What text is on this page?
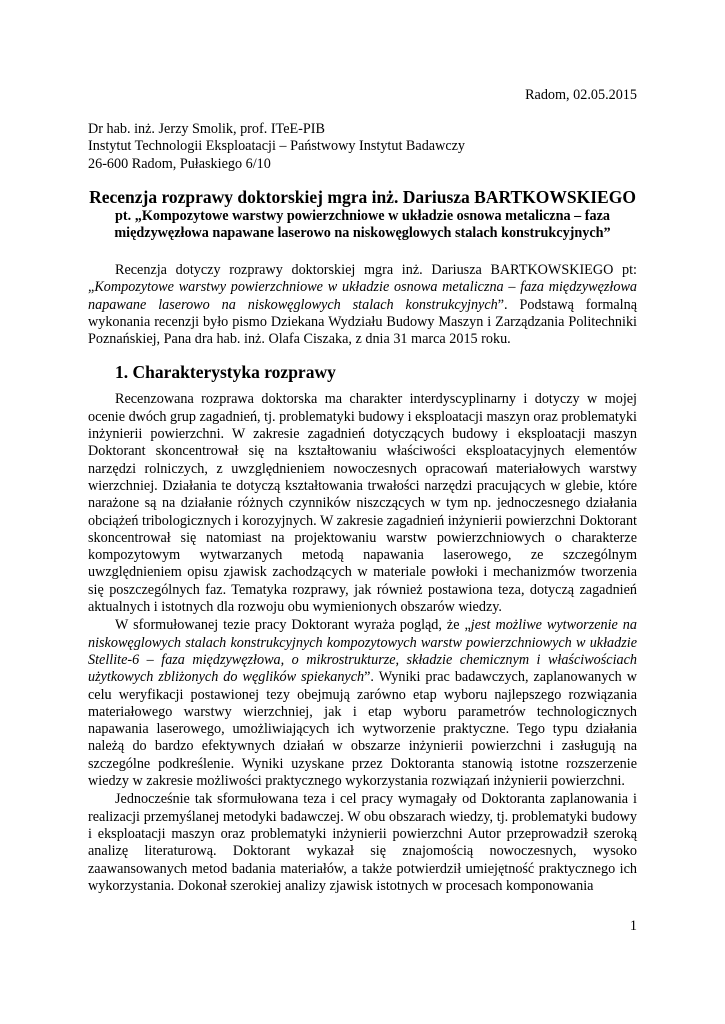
Radom, 02.05.2015
Dr hab. inż. Jerzy Smolik, prof. ITeE-PIB
Instytut Technologii Eksploatacji – Państwowy Instytut Badawczy
26-600 Radom, Pułaskiego 6/10
Recenzja rozprawy doktorskiej mgra inż. Dariusza BARTKOWSKIEGO
pt. „Kompozytowe warstwy powierzchniowe w układzie osnowa metaliczna – faza międzywęzłowa napawane laserowo na niskowęglowych stalach konstrukcyjnych”

Recenzja dotyczy rozprawy doktorskiej mgra inż. Dariusza BARTKOWSKIEGO pt: „Kompozytowe warstwy powierzchniowe w układzie osnowa metaliczna – faza międzywęzłowa napawane laserowo na niskowęglowych stalach konstrukcyjnych”. Podstawą formalną wykonania recenzji było pismo Dziekana Wydziału Budowy Maszyn i Zarządzania Politechniki Poznańskiej, Pana dra hab. inż. Olafa Ciszaka, z dnia 31 marca 2015 roku.

1. Charakterystyka rozprawy

Recenzowana rozprawa doktorska ma charakter interdyscyplinarny i dotyczy w mojej ocenie dwóch grup zagadnień, tj. problematyki budowy i eksploatacji maszyn oraz problematyki inżynierii powierzchni. W zakresie zagadnień dotyczących budowy i eksploatacji maszyn Doktorant skoncentrował się na kształtowaniu właściwości eksploatacyjnych elementów narzędzi rolniczych, z uwzględnieniem nowoczesnych opracowań materiałowych warstwy wierzchniej. Działania te dotyczą kształtowania trwałości narzędzi pracujących w glebie, które narażone są na działanie różnych czynników niszczących w tym np. jednoczesnego działania obciążeń tribologicznych i korozyjnych. W zakresie zagadnień inżynierii powierzchni Doktorant skoncentrował się natomiast na projektowaniu warstw powierzchniowych o charakterze kompozytowym wytwarzanych metodą napawania laserowego, ze szczególnym uwzględnieniem opisu zjawisk zachodzących w materiale powłoki i mechanizmów tworzenia się poszczególnych faz. Tematyka rozprawy, jak również postawiona teza, dotyczą zagadnień aktualnych i istotnych dla rozwoju obu wymienionych obszarów wiedzy.

W sformułowanej tezie pracy Doktorant wyraża pogląd, że „jest możliwe wytworzenie na niskowęglowych stalach konstrukcyjnych kompozytowych warstw powierzchniowych w układzie Stellite-6 – faza międzywęzłowa, o mikrostrukturze, składzie chemicznym i właściwościach użytkowych zbliżonych do węglików spiekanych”. Wyniki prac badawczych, zaplanowanych w celu weryfikacji postawionej tezy obejmują zarówno etap wyboru najlepszego rozwiązania materiałowego warstwy wierzchniej, jak i etap wyboru parametrów technologicznych napawania laserowego, umożliwiających ich wytworzenie praktyczne. Tego typu działania należą do bardzo efektywnych działań w obszarze inżynierii powierzchni i zasługują na szczególne podkreślenie. Wyniki uzyskane przez Doktoranta stanowią istotne rozszerzenie wiedzy w zakresie możliwości praktycznego wykorzystania rozwiązań inżynierii powierzchni.

Jednocześnie tak sformułowana teza i cel pracy wymagały od Doktoranta zaplanowania i realizacji przemyślanej metodyki badawczej. W obu obszarach wiedzy, tj. problematyki budowy i eksploatacji maszyn oraz problematyki inżynierii powierzchni Autor przeprowadził szeroką analizę literaturową. Doktorant wykazał się znajomością nowoczesnych, wysoko zaawansowanych metod badania materiałów, a także potwierdził umiejętność praktycznego ich wykorzystania. Dokonał szerokiej analizy zjawisk istotnych w procesach komponowania

1
